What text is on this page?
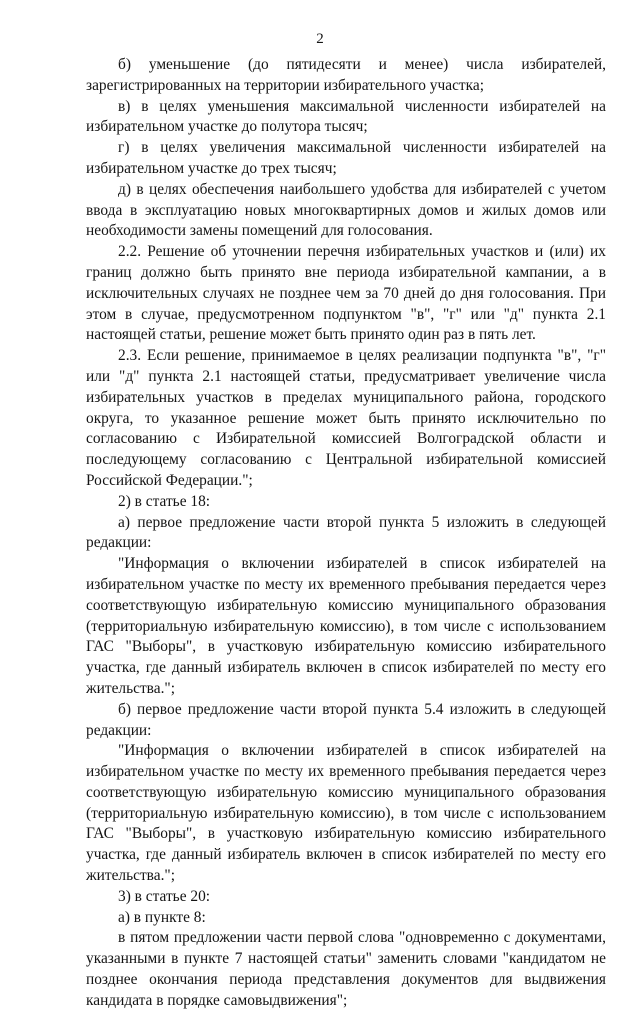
2

б) уменьшение (до пятидесяти и менее) числа избирателей, зарегистрированных на территории избирательного участка;

в) в целях уменьшения максимальной численности избирателей на избирательном участке до полутора тысяч;

г) в целях увеличения максимальной численности избирателей на избирательном участке до трех тысяч;

д) в целях обеспечения наибольшего удобства для избирателей с учетом ввода в эксплуатацию новых многоквартирных домов и жилых домов или необходимости замены помещений для голосования.

2.2. Решение об уточнении перечня избирательных участков и (или) их границ должно быть принято вне периода избирательной кампании, а в исключительных случаях не позднее чем за 70 дней до дня голосования. При этом в случае, предусмотренном подпунктом "в", "г" или "д" пункта 2.1 настоящей статьи, решение может быть принято один раз в пять лет.

2.3. Если решение, принимаемое в целях реализации подпункта "в", "г" или "д" пункта 2.1 настоящей статьи, предусматривает увеличение числа избирательных участков в пределах муниципального района, городского округа, то указанное решение может быть принято исключительно по согласованию с Избирательной комиссией Волгоградской области и последующему согласованию с Центральной избирательной комиссией Российской Федерации.";

2) в статье 18:

а) первое предложение части второй пункта 5 изложить в следующей редакции:

"Информация о включении избирателей в список избирателей на избирательном участке по месту их временного пребывания передается через соответствующую избирательную комиссию муниципального образования (территориальную избирательную комиссию), в том числе с использованием ГАС "Выборы", в участковую избирательную комиссию избирательного участка, где данный избиратель включен в список избирателей по месту его жительства.";

б) первое предложение части второй пункта 5.4 изложить в следующей редакции:

"Информация о включении избирателей в список избирателей на избирательном участке по месту их временного пребывания передается через соответствующую избирательную комиссию муниципального образования (территориальную избирательную комиссию), в том числе с использованием ГАС "Выборы", в участковую избирательную комиссию избирательного участка, где данный избиратель включен в список избирателей по месту его жительства.";

3) в статье 20:

а) в пункте 8:

в пятом предложении части первой слова "одновременно с документами, указанными в пункте 7 настоящей статьи" заменить словами "кандидатом не позднее окончания периода представления документов для выдвижения кандидата в порядке самовыдвижения";
